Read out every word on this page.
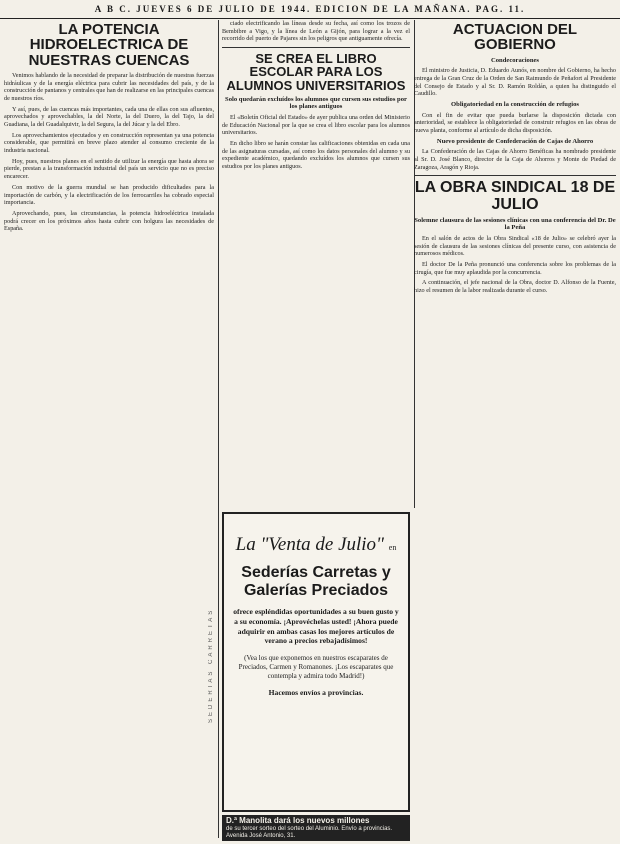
A B C. JUEVES 6 DE JULIO DE 1944. EDICION DE LA MAÑANA. PAG. 11.
LA POTENCIA HIDROELECTRICA DE NUESTRAS CUENCAS

Venimos hablando de la necesidad de preparar la distribución de nuestras fuerzas hidráulicas y de la energía eléctrica para cubrir las necesidades del país, y de la construcción de pantanos y centrales que han de realizarse en las principales cuencas de nuestros ríos.

Y así, pues, de las cuencas más importantes, cada una de ellas con sus afluentes, aprovechados y aprovechables, la del Norte, la del Duero, la del Tajo, la del Guadiana, la del Guadalquivir, la del Segura, la del Júcar y la del Ebro.

Los aprovechamientos ejecutados y en construcción representan ya una potencia considerable, que permitirá en breve plazo atender al consumo creciente de la industria nacional.

Hoy, pues, nuestros planes en el sentido de utilizar la energía que hasta ahora se pierde, prestan a la transformación industrial del país un servicio que no es preciso encarecer.

Con motivo de la guerra mundial se han producido dificultades para la importación de carbón, y la electrificación de los ferrocarriles ha cobrado especial importancia.

Aprovechando, pues, las circunstancias, la potencia hidroeléctrica instalada podrá crecer en los próximos años hasta cubrir con holgura las necesidades de España.

ciado electrificando las líneas desde su fecha, así como los trozos de Bembibre a Vigo, y la línea de León a Gijón, para lograr a la vez el recorrido del puerto de Pajares sin los peligros que antiguamente ofrecía.

SE CREA EL LIBRO ESCOLAR PARA LOS ALUMNOS UNIVERSITARIOS
Solo quedarán excluídos los alumnos que cursen sus estudios por los planes antiguos

El «Boletín Oficial del Estado» de ayer publica una orden del Ministerio de Educación Nacional por la que se crea el libro escolar para los alumnos universitarios.

En dicho libro se harán constar las calificaciones obtenidas en cada una de las asignaturas cursadas, así como los datos personales del alumno y su expediente académico, quedando excluídos los alumnos que cursen sus estudios por los planes antiguos.

SEDERIAS CARRETAS
La "Venta de Julio" en
Sederías Carretas y Galerías Preciados
ofrece espléndidas oportunidades a su buen gusto y a su economía. ¡Aprovéchelas usted! ¡Ahora puede adquirir en ambas casas los mejores artículos de verano a precios rebajadísimos!
(Vea los que exponemos en nuestros escaparates de Preciados, Carmen y Romanones. ¡Los escaparates que contempla y admira todo Madrid!)
Hacemos envíos a provincias.
D.ª Manolita dará los nuevos millones
de su tercer sorteo del sorteo del Aluminio. Envío a provincias. Avenida José Antonio, 31.
ACTUACION DEL GOBIERNO
Condecoraciones

El ministro de Justicia, D. Eduardo Aunós, en nombre del Gobierno, ha hecho entrega de la Gran Cruz de la Orden de San Raimundo de Peñafort al Presidente del Consejo de Estado y al Sr. D. Ramón Roldán, a quien ha distinguido el Caudillo.

Obligatoriedad en la construcción de refugios

Con el fin de evitar que pueda burlarse la disposición dictada con anterioridad, se establece la obligatoriedad de construir refugios en las obras de nueva planta, conforme al artículo de dicha disposición.

Nuevo presidente de Confederación de Cajas de Ahorro

La Confederación de las Cajas de Ahorro Benéficas ha nombrado presidente al Sr. D. José Blanco, director de la Caja de Ahorros y Monte de Piedad de Zaragoza, Aragón y Rioja.

LA OBRA SINDICAL 18 DE JULIO
Solemne clausura de las sesiones clínicas con una conferencia del Dr. De la Peña

En el salón de actos de la Obra Sindical «18 de Julio» se celebró ayer la sesión de clausura de las sesiones clínicas del presente curso, con asistencia de numerosos médicos.

El doctor De la Peña pronunció una conferencia sobre los problemas de la cirugía, que fue muy aplaudida por la concurrencia.

A continuación, el jefe nacional de la Obra, doctor D. Alfonso de la Fuente, hizo el resumen de la labor realizada durante el curso.
